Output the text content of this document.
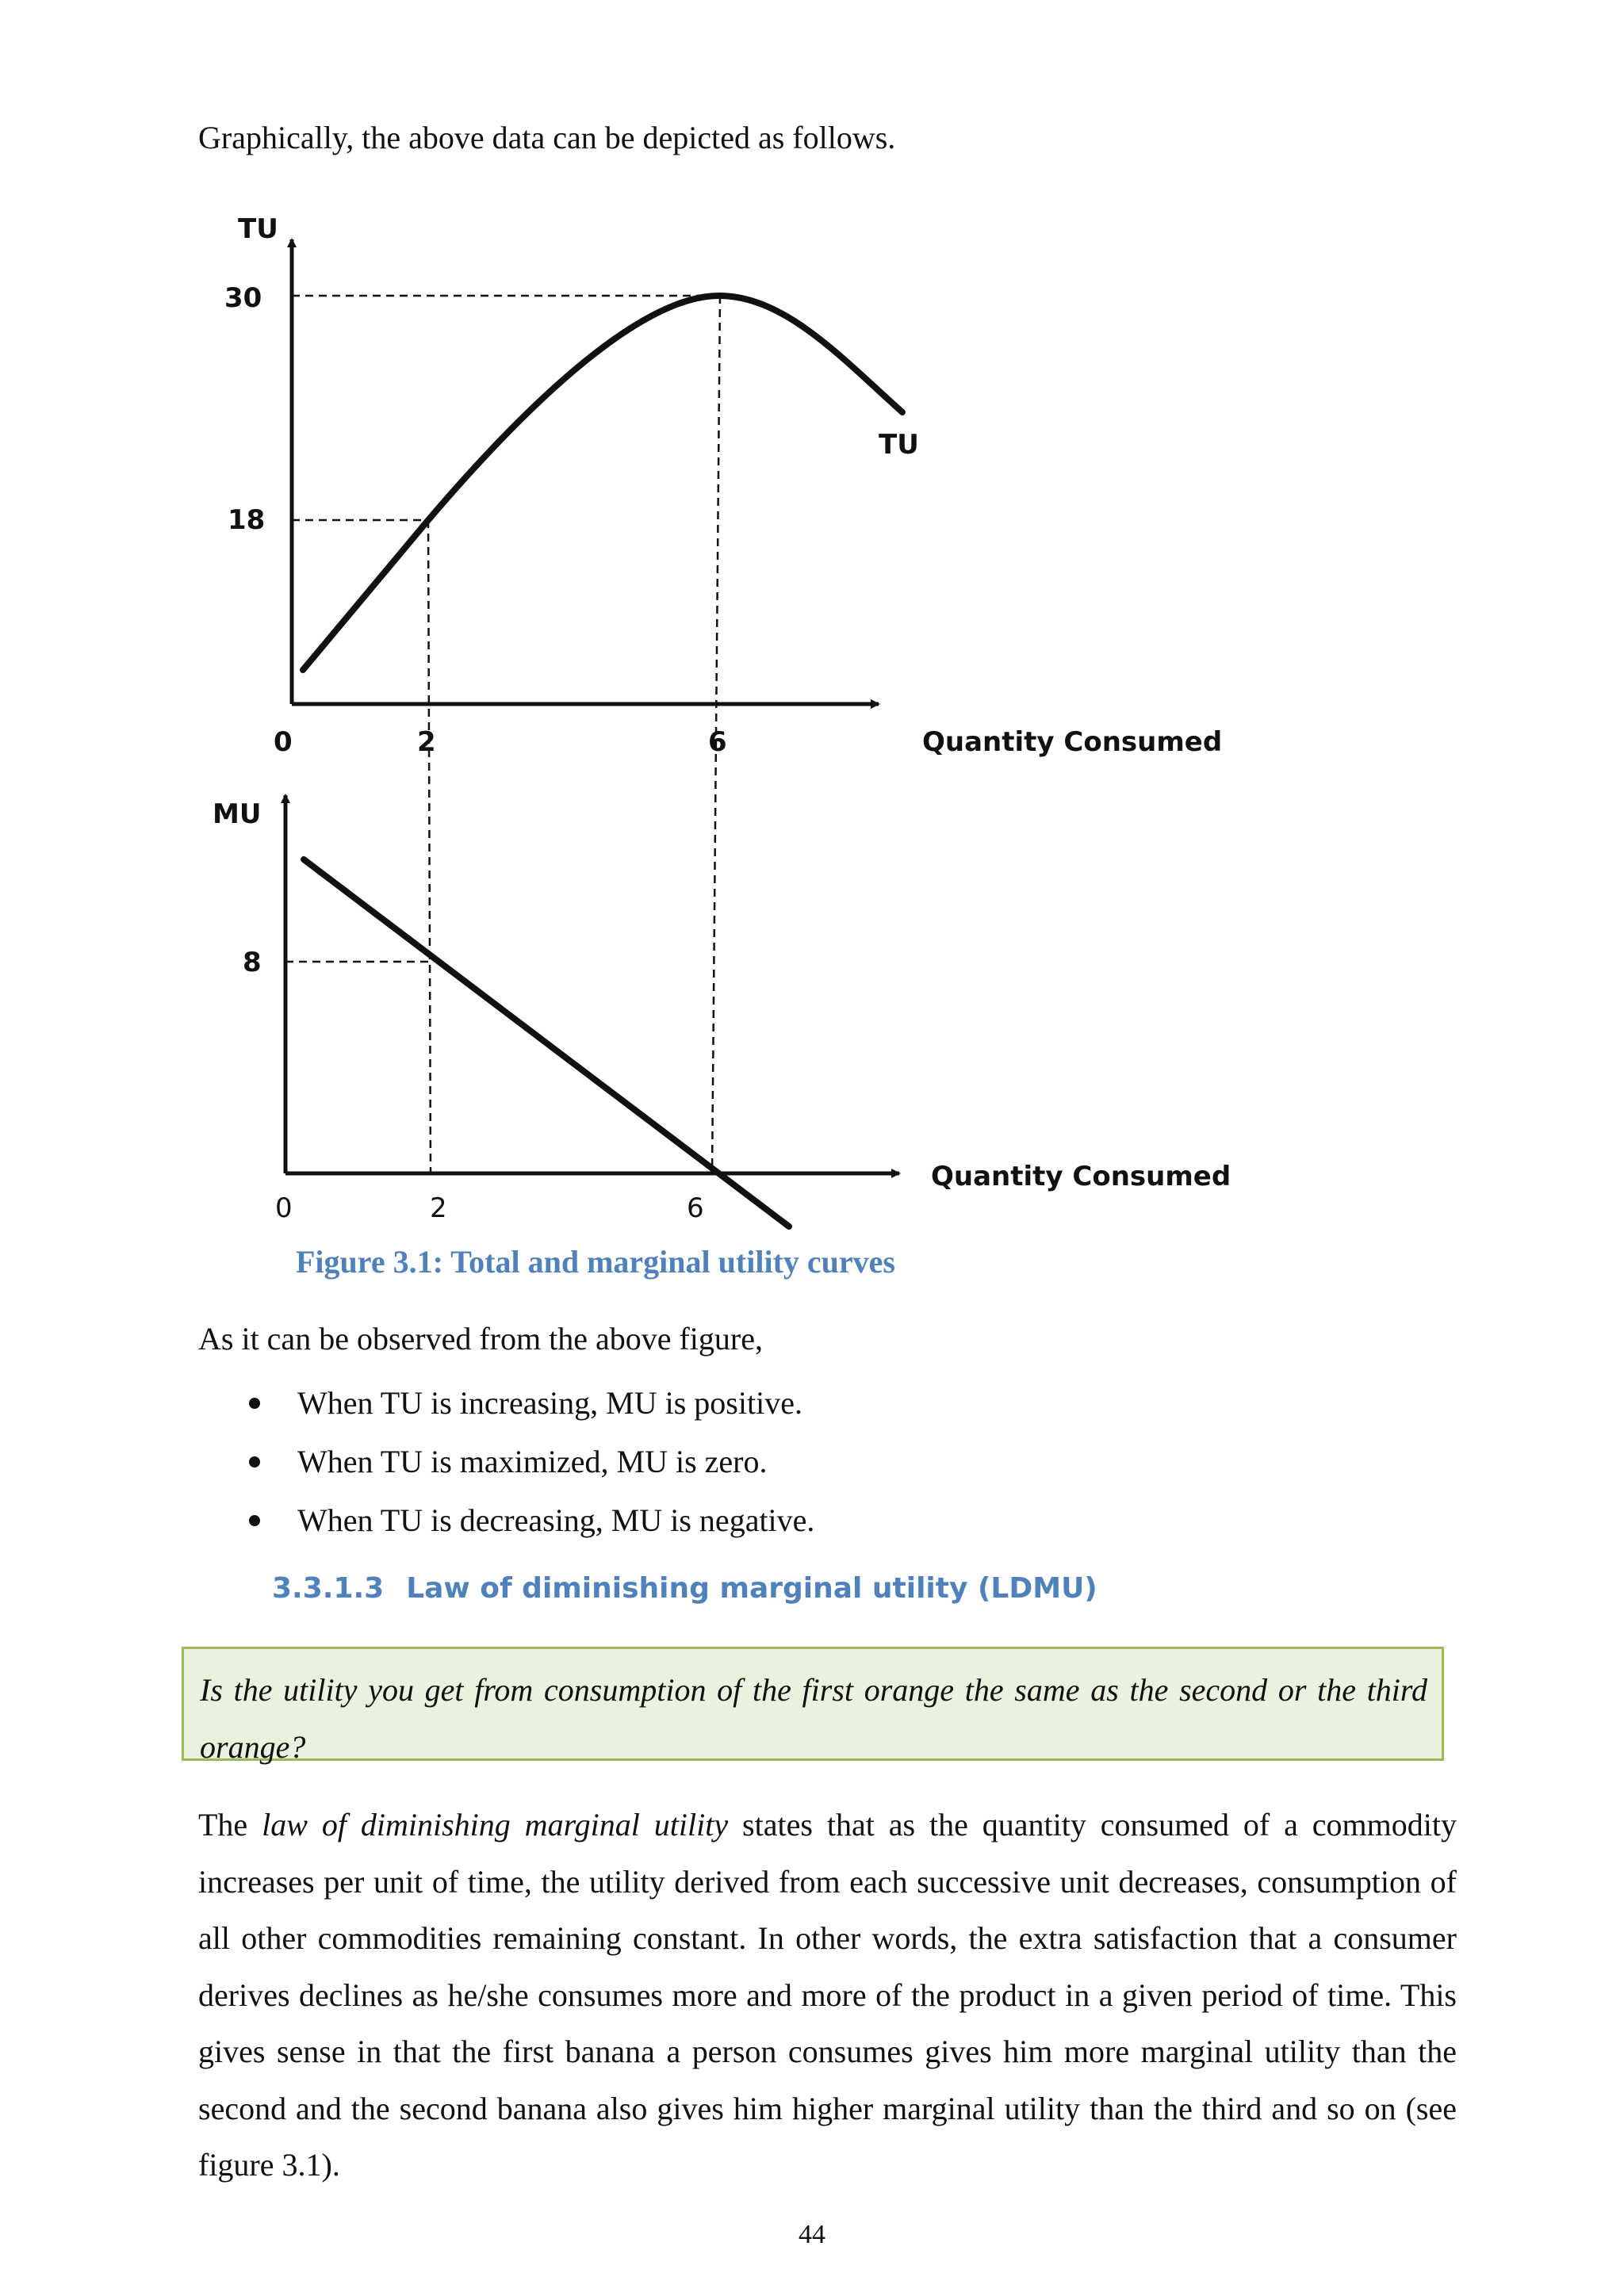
Graphically, the above data can be depicted as follows.
TU
30
18
TU
0	2	6	Quantity Consumed
MU
8
0	2	6
Quantity Consumed
Figure 3.1: Total and marginal utility curves
As it can be observed from the above figure,
When TU is increasing, MU is positive.
When TU is maximized, MU is zero.
When TU is decreasing, MU is negative.
3.3.1.3 Law of diminishing marginal utility (LDMU)
Is the utility you get from consumption of the first orange the same as the second or the third orange?
The law of diminishing marginal utility states that as the quantity consumed of a commodity increases per unit of time, the utility derived from each successive unit decreases, consumption of all other commodities remaining constant. In other words, the extra satisfaction that a consumer derives declines as he/she consumes more and more of the product in a given period of time. This gives sense in that the first banana a person consumes gives him more marginal utility than the second and the second banana also gives him higher marginal utility than the third and so on (see figure 3.1).
44
